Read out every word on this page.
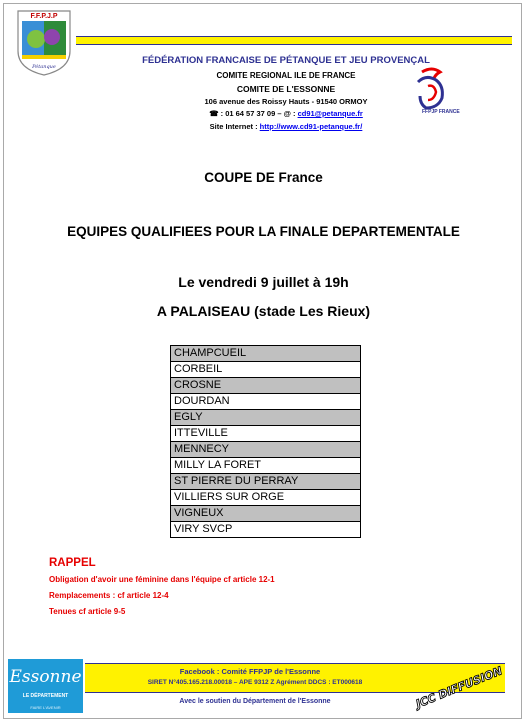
F.F.P.J.P
Pétanque
FÉDÉRATION FRANCAISE DE PÉTANQUE ET JEU PROVENÇAL
COMITE REGIONAL ILE DE FRANCE
COMITE DE L'ESSONNE
106 avenue des Roissy Hauts - 91540 ORMOY
☎ : 01 64 57 37 09 – @ : cd91@petanque.fr
Site Internet : http://www.cd91-petanque.fr/
FFPJP FRANCE
COUPE DE France
EQUIPES QUALIFIEES POUR LA FINALE DEPARTEMENTALE
Le vendredi 9 juillet à 19h
A PALAISEAU (stade Les Rieux)
CHAMPCUEIL
CORBEIL
CROSNE
DOURDAN
EGLY
ITTEVILLE
MENNECY
MILLY LA FORET
ST PIERRE DU PERRAY
VILLIERS SUR ORGE
VIGNEUX
VIRY SVCP
RAPPEL
Obligation d'avoir une féminine dans l'équipe cf article 12-1
Remplacements : cf article 12-4
Tenues cf article 9-5
Essonne
LE DÉPARTEMENT
FAIRE L'AVENIR
Facebook : Comité FFPJP de l'Essonne
SIRET N°405.165.218.00018 – APE 9312 Z Agrément DDCS : ET000618
Avec le soutien du Département de l'Essonne	JCC DIFFUSION
